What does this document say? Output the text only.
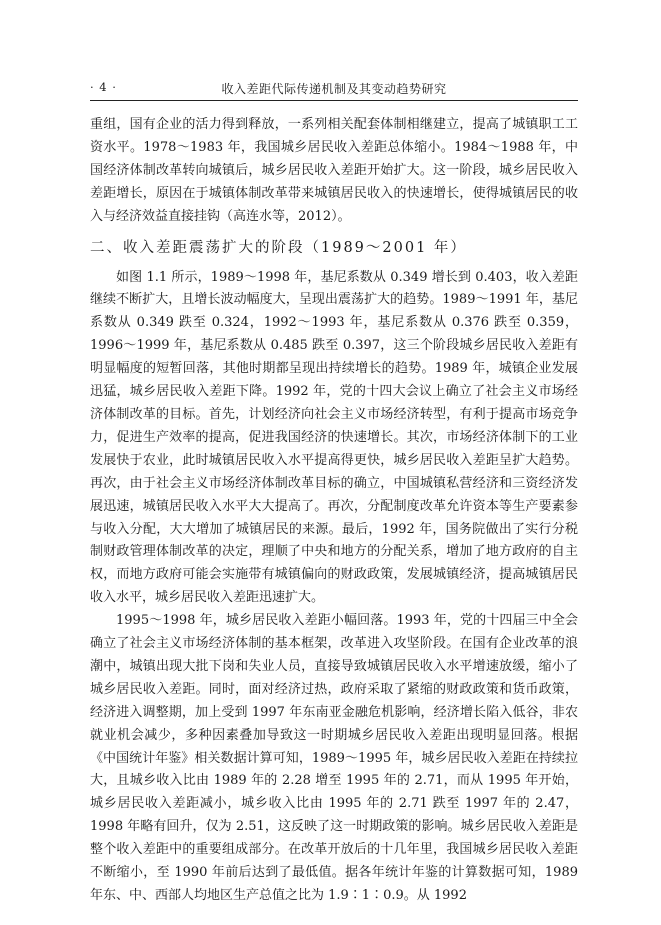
· 4 ·	收入差距代际传递机制及其变动趋势研究

重组，国有企业的活力得到释放，一系列相关配套体制相继建立，提高了城镇职工工资水平。1978～1983 年，我国城乡居民收入差距总体缩小。1984～1988 年，中国经济体制改革转向城镇后，城乡居民收入差距开始扩大。这一阶段，城乡居民收入差距增长，原因在于城镇体制改革带来城镇居民收入的快速增长，使得城镇居民的收入与经济效益直接挂钩（高连水等，2012）。

二、收入差距震荡扩大的阶段（1989～2001 年）

如图 1.1 所示，1989～1998 年，基尼系数从 0.349 增长到 0.403，收入差距继续不断扩大，且增长波动幅度大，呈现出震荡扩大的趋势。1989～1991 年，基尼系数从 0.349 跌至 0.324，1992～1993 年，基尼系数从 0.376 跌至 0.359，1996～1999 年，基尼系数从 0.485 跌至 0.397，这三个阶段城乡居民收入差距有明显幅度的短暂回落，其他时期都呈现出持续增长的趋势。1989 年，城镇企业发展迅猛，城乡居民收入差距下降。1992 年，党的十四大会议上确立了社会主义市场经济体制改革的目标。首先，计划经济向社会主义市场经济转型，有利于提高市场竞争力，促进生产效率的提高，促进我国经济的快速增长。其次，市场经济体制下的工业发展快于农业，此时城镇居民收入水平提高得更快，城乡居民收入差距呈扩大趋势。再次，由于社会主义市场经济体制改革目标的确立，中国城镇私营经济和三资经济发展迅速，城镇居民收入水平大大提高了。再次，分配制度改革允许资本等生产要素参与收入分配，大大增加了城镇居民的来源。最后，1992 年，国务院做出了实行分税制财政管理体制改革的决定，理顺了中央和地方的分配关系，增加了地方政府的自主权，而地方政府可能会实施带有城镇偏向的财政政策，发展城镇经济，提高城镇居民收入水平，城乡居民收入差距迅速扩大。

1995～1998 年，城乡居民收入差距小幅回落。1993 年，党的十四届三中全会确立了社会主义市场经济体制的基本框架，改革进入攻坚阶段。在国有企业改革的浪潮中，城镇出现大批下岗和失业人员，直接导致城镇居民收入水平增速放缓，缩小了城乡居民收入差距。同时，面对经济过热，政府采取了紧缩的财政政策和货币政策，经济进入调整期，加上受到 1997 年东南亚金融危机影响，经济增长陷入低谷，非农就业机会减少，多种因素叠加导致这一时期城乡居民收入差距出现明显回落。根据《中国统计年鉴》相关数据计算可知，1989～1995 年，城乡居民收入差距在持续拉大，且城乡收入比由 1989 年的 2.28 增至 1995 年的 2.71，而从 1995 年开始，城乡居民收入差距减小，城乡收入比由 1995 年的 2.71 跌至 1997 年的 2.47，1998 年略有回升，仅为 2.51，这反映了这一时期政策的影响。城乡居民收入差距是整个收入差距中的重要组成部分。在改革开放后的十几年里，我国城乡居民收入差距不断缩小，至 1990 年前后达到了最低值。据各年统计年鉴的计算数据可知，1989 年东、中、西部人均地区生产总值之比为 1.9∶1∶0.9。从 1992
